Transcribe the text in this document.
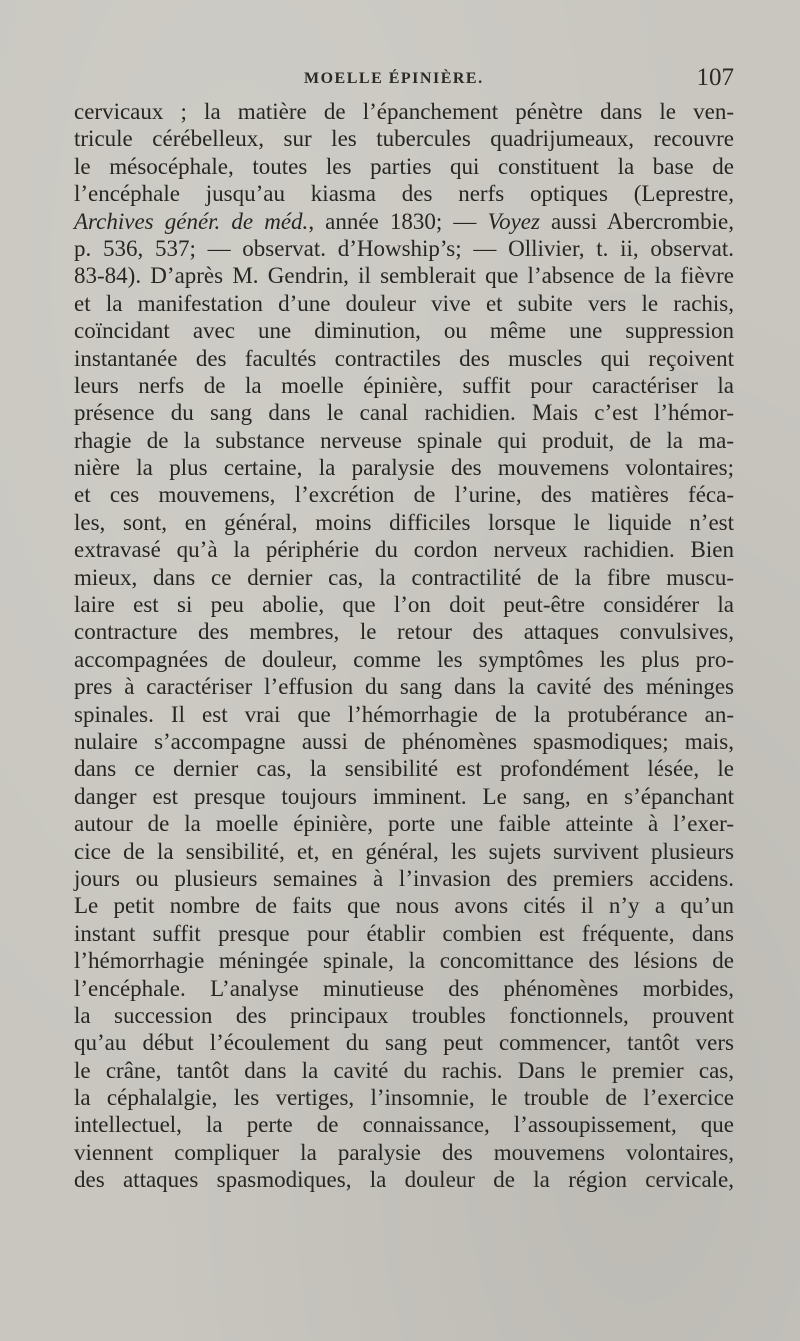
MOELLE ÉPINIÈRE.	107
cervicaux ; la matière de l’épanchement pénètre dans le ven-
tricule cérébelleux, sur les tubercules quadrijumeaux, recouvre
le mésocéphale, toutes les parties qui constituent la base de
l’encéphale jusqu’au kiasma des nerfs optiques (Leprestre,
Archives génér. de méd., année 1830; — Voyez aussi Abercrombie,
p. 536, 537; — observat. d’Howship’s; — Ollivier, t. ii, observat.
83-84). D’après M. Gendrin, il semblerait que l’absence de la fièvre
et la manifestation d’une douleur vive et subite vers le rachis,
coïncidant avec une diminution, ou même une suppression
instantanée des facultés contractiles des muscles qui reçoivent
leurs nerfs de la moelle épinière, suffit pour caractériser la
présence du sang dans le canal rachidien. Mais c’est l’hémor-
rhagie de la substance nerveuse spinale qui produit, de la ma-
nière la plus certaine, la paralysie des mouvemens volontaires;
et ces mouvemens, l’excrétion de l’urine, des matières féca-
les, sont, en général, moins difficiles lorsque le liquide n’est
extravasé qu’à la périphérie du cordon nerveux rachidien. Bien
mieux, dans ce dernier cas, la contractilité de la fibre muscu-
laire est si peu abolie, que l’on doit peut-être considérer la
contracture des membres, le retour des attaques convulsives,
accompagnées de douleur, comme les symptômes les plus pro-
pres à caractériser l’effusion du sang dans la cavité des méninges
spinales. Il est vrai que l’hémorrhagie de la protubérance an-
nulaire s’accompagne aussi de phénomènes spasmodiques; mais,
dans ce dernier cas, la sensibilité est profondément lésée, le
danger est presque toujours imminent. Le sang, en s’épanchant
autour de la moelle épinière, porte une faible atteinte à l’exer-
cice de la sensibilité, et, en général, les sujets survivent plusieurs
jours ou plusieurs semaines à l’invasion des premiers accidens.
Le petit nombre de faits que nous avons cités il n’y a qu’un
instant suffit presque pour établir combien est fréquente, dans
l’hémorrhagie méningée spinale, la concomittance des lésions de
l’encéphale. L’analyse minutieuse des phénomènes morbides,
la succession des principaux troubles fonctionnels, prouvent
qu’au début l’écoulement du sang peut commencer, tantôt vers
le crâne, tantôt dans la cavité du rachis. Dans le premier cas,
la céphalalgie, les vertiges, l’insomnie, le trouble de l’exercice
intellectuel, la perte de connaissance, l’assoupissement, que
viennent compliquer la paralysie des mouvemens volontaires,
des attaques spasmodiques, la douleur de la région cervicale,
